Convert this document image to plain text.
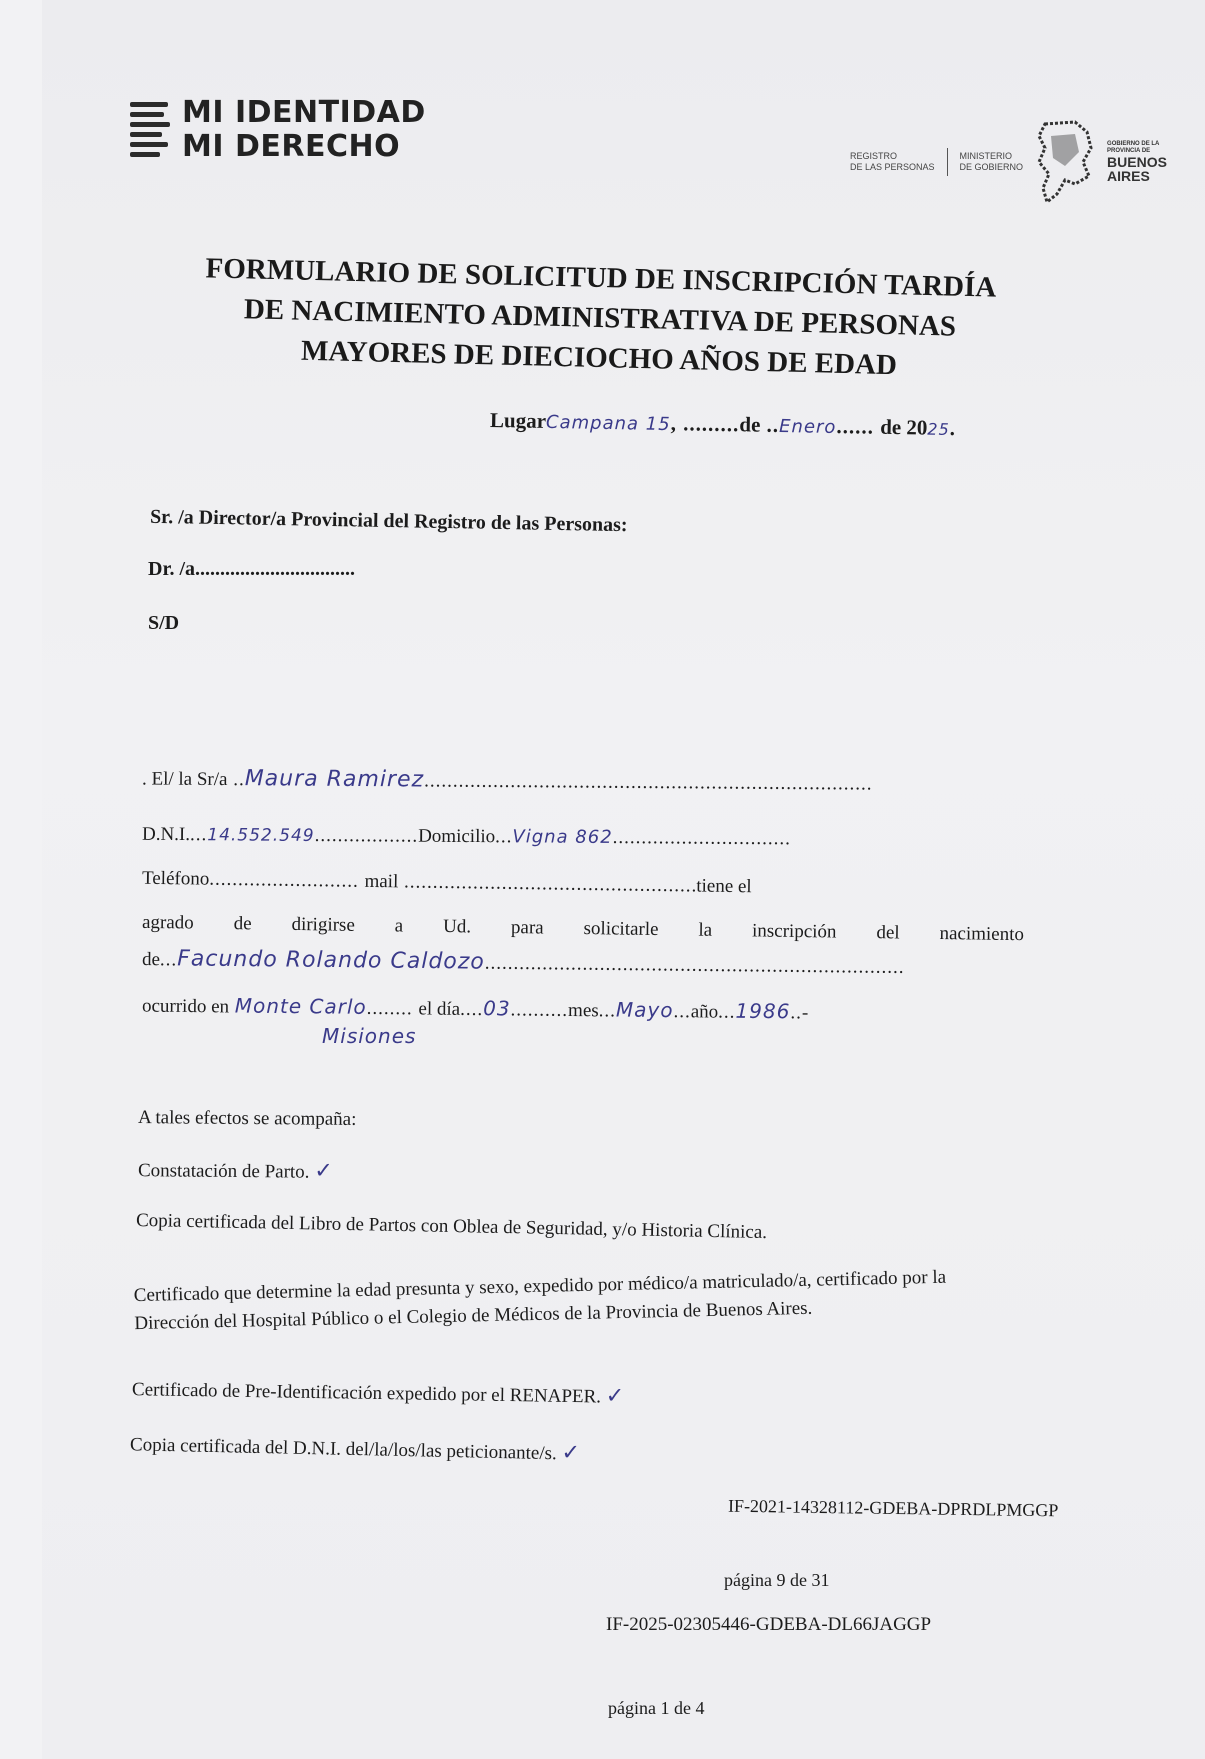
MI IDENTIDAD
MI DERECHO	REGISTRO
DE LAS PERSONAS
MINISTERIO
DE GOBIERNO
GOBIERNO DE LA
PROVINCIA DE
BUENOS
AIRES
FORMULARIO DE SOLICITUD DE INSCRIPCIÓN TARDÍA
DE NACIMIENTO ADMINISTRATIVA DE PERSONAS
MAYORES DE DIECIOCHO AÑOS DE EDAD
LugarCampana 15, .........de ..Enero...... de 2025.
Sr. /a Director/a Provincial del Registro de las Personas:
Dr. /a................................
S/D
. El/ la Sr/a ..Maura Ramirez..............................................................................
D.N.I....14.552.549..................Domicilio...Vigna 862...............................
Teléfono.......................... mail ...................................................tiene el
agrado de dirigirse a Ud. para solicitarle la inscripción del nacimiento
de...Facundo Rolando Caldozo.........................................................................
ocurrido en Monte Carlo........ el día....03..........mes...Mayo...año...1986..-
Misiones
A tales efectos se acompaña:
Constatación de Parto. ✓
Copia certificada del Libro de Partos con Oblea de Seguridad, y/o Historia Clínica.
Certificado que determine la edad presunta y sexo, expedido por médico/a matriculado/a, certificado por la Dirección del Hospital Público o el Colegio de Médicos de la Provincia de Buenos Aires.
Certificado de Pre-Identificación expedido por el RENAPER. ✓
Copia certificada del D.N.I. del/la/los/las peticionante/s. ✓
IF-2021-14328112-GDEBA-DPRDLPMGGP
página 9 de 31
IF-2025-02305446-GDEBA-DL66JAGGP
página 1 de 4
